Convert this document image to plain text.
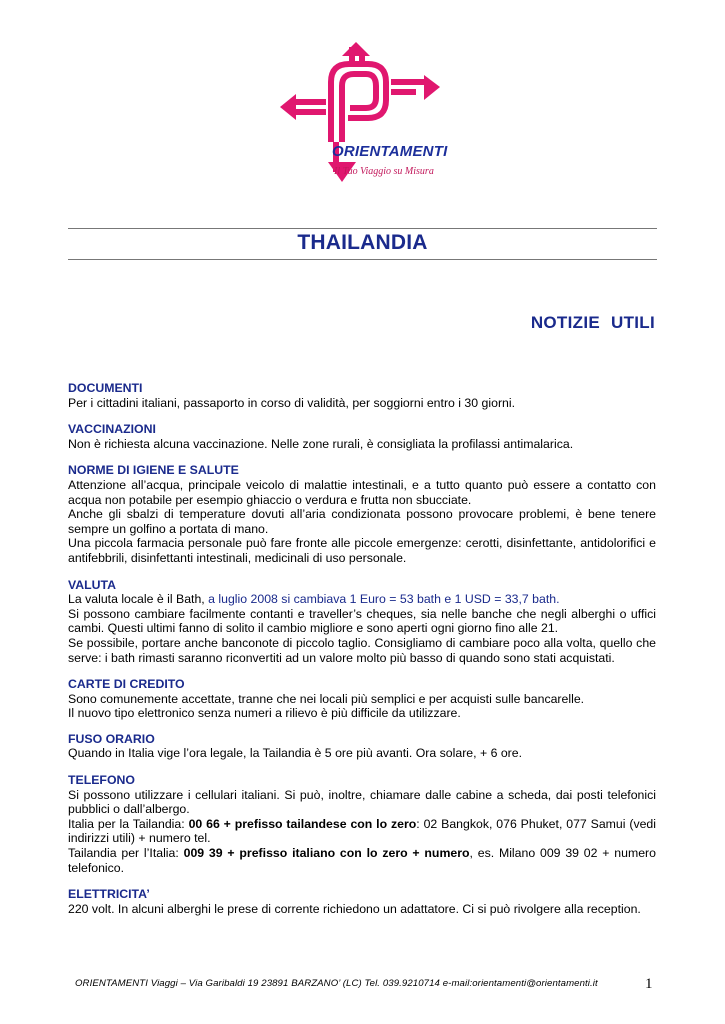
ORIENTAMENTI
Il Tuo Viaggio su Misura
THAILANDIA
NOTIZIE UTILI
DOCUMENTI
Per i cittadini italiani, passaporto in corso di validità, per soggiorni entro i 30 giorni.
VACCINAZIONI
Non è richiesta alcuna vaccinazione. Nelle zone rurali, è consigliata la profilassi antimalarica.
NORME DI IGIENE E SALUTE
Attenzione all’acqua, principale veicolo di malattie intestinali, e a tutto quanto può essere a contatto con acqua non potabile per esempio ghiaccio o verdura e frutta non sbucciate.
Anche gli sbalzi di temperature dovuti all’aria condizionata possono provocare problemi, è bene tenere sempre un golfino a portata di mano.
Una piccola farmacia personale può fare fronte alle piccole emergenze: cerotti, disinfettante, antidolorifici e antifebbrili, disinfettanti intestinali, medicinali di uso personale.
VALUTA
La valuta locale è il Bath, a luglio 2008 si cambiava 1 Euro = 53 bath e 1 USD = 33,7 bath.
Si possono cambiare facilmente contanti e traveller’s cheques, sia nelle banche che negli alberghi o uffici cambi. Questi ultimi fanno di solito il cambio migliore e sono aperti ogni giorno fino alle 21.
Se possibile, portare anche banconote di piccolo taglio. Consigliamo di cambiare poco alla volta, quello che serve: i bath rimasti saranno riconvertiti ad un valore molto più basso di quando sono stati acquistati.
CARTE DI CREDITO
Sono comunemente accettate, tranne che nei locali più semplici e per acquisti sulle bancarelle.
Il nuovo tipo elettronico senza numeri a rilievo è più difficile da utilizzare.
FUSO ORARIO
Quando in Italia vige l’ora legale, la Tailandia è 5 ore più avanti. Ora solare, + 6 ore.
TELEFONO
Si possono utilizzare i cellulari italiani. Si può, inoltre, chiamare dalle cabine a scheda, dai posti telefonici pubblici o dall’albergo.
Italia per la Tailandia: 00 66 + prefisso tailandese con lo zero: 02 Bangkok, 076 Phuket, 077 Samui (vedi indirizzi utili) + numero tel.
Tailandia per l’Italia: 009 39 + prefisso italiano con lo zero + numero, es. Milano 009 39 02 + numero telefonico.
ELETTRICITA’
220 volt. In alcuni alberghi le prese di corrente richiedono un adattatore. Ci si può rivolgere alla reception.
ORIENTAMENTI Viaggi – Via Garibaldi 19 23891 BARZANO’ (LC) Tel. 039.9210714 e-mail:orientamenti@orientamenti.it	1
